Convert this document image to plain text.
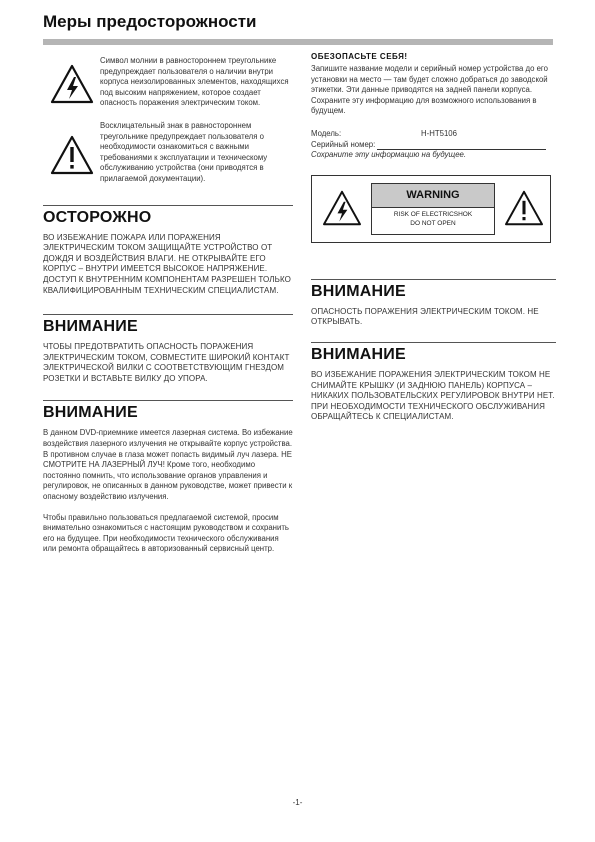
Меры предосторожности
Символ молнии в равностороннем треугольнике предупреждает пользователя о наличии внутри корпуса неизолированных элементов, находящихся под высоким напряжением, которое создает опасность поражения электрическим током.
Восклицательный знак в равностороннем треугольнике предупреждает пользователя о необходимости ознакомиться с важными требованиями к эксплуатации и техническому обслуживанию устройства (они приводятся в прилагаемой документации).
ОСТОРОЖНО
ВО ИЗБЕЖАНИЕ ПОЖАРА ИЛИ ПОРАЖЕНИЯ ЭЛЕКТРИЧЕСКИМ ТОКОМ ЗАЩИЩАЙТЕ УСТРОЙСТВО ОТ ДОЖДЯ И ВОЗДЕЙСТВИЯ ВЛАГИ. НЕ ОТКРЫВАЙТЕ ЕГО КОРПУС – ВНУТРИ ИМЕЕТСЯ ВЫСОКОЕ НАПРЯЖЕНИЕ. ДОСТУП К ВНУТРЕННИМ КОМПОНЕНТАМ РАЗРЕШЕН ТОЛЬКО КВАЛИФИЦИРОВАННЫМ ТЕХНИЧЕСКИМ СПЕЦИАЛИСТАМ.
ВНИМАНИЕ
ЧТОБЫ ПРЕДОТВРАТИТЬ ОПАСНОСТЬ ПОРАЖЕНИЯ ЭЛЕКТРИЧЕСКИМ ТОКОМ, СОВМЕСТИТЕ ШИРОКИЙ КОНТАКТ ЭЛЕКТРИЧЕСКОЙ ВИЛКИ С СООТВЕТСТВУЮЩИМ ГНЕЗДОМ РОЗЕТКИ И ВСТАВЬТЕ ВИЛКУ ДО УПОРА.
ВНИМАНИЕ
В данном DVD-приемнике имеется лазерная система. Во избежание воздействия лазерного излучения не открывайте корпус устройства. В противном случае в глаза может попасть видимый луч лазера. НЕ СМОТРИТЕ НА ЛАЗЕРНЫЙ ЛУЧ! Кроме того, необходимо постоянно помнить, что использование органов управления и регулировок, не описанных в данном руководстве, может привести к опасному воздействию излучения.
Чтобы правильно пользоваться предлагаемой системой, просим внимательно ознакомиться с настоящим руководством и сохранить его на будущее. При необходимости технического обслуживания или ремонта обращайтесь в авторизованный сервисный центр.
ОБЕЗОПАСЬТЕ СЕБЯ!
Запишите название модели и серийный номер устройства до его установки на место — там будет сложно добраться до заводской этикетки. Эти данные приводятся на задней панели корпуса. Сохраните эту информацию для возможного использования в будущем.
Модель:	H-HT5106
Серийный номер:
Сохраните эту информацию на будущее.
WARNING
RISK OF ELECTRICSHOK
DO NOT OPEN
ВНИМАНИЕ
ОПАСНОСТЬ ПОРАЖЕНИЯ ЭЛЕКТРИЧЕСКИМ ТОКОМ. НЕ ОТКРЫВАТЬ.
ВНИМАНИЕ
ВО ИЗБЕЖАНИЕ ПОРАЖЕНИЯ ЭЛЕКТРИЧЕСКИМ ТОКОМ НЕ СНИМАЙТЕ КРЫШКУ (И ЗАДНЮЮ ПАНЕЛЬ) КОРПУСА – НИКАКИХ ПОЛЬЗОВАТЕЛЬСКИХ РЕГУЛИРОВОК ВНУТРИ НЕТ. ПРИ НЕОБХОДИМОСТИ ТЕХНИЧЕСКОГО ОБСЛУЖИВАНИЯ ОБРАЩАЙТЕСЬ К СПЕЦИАЛИСТАМ.
-1-
